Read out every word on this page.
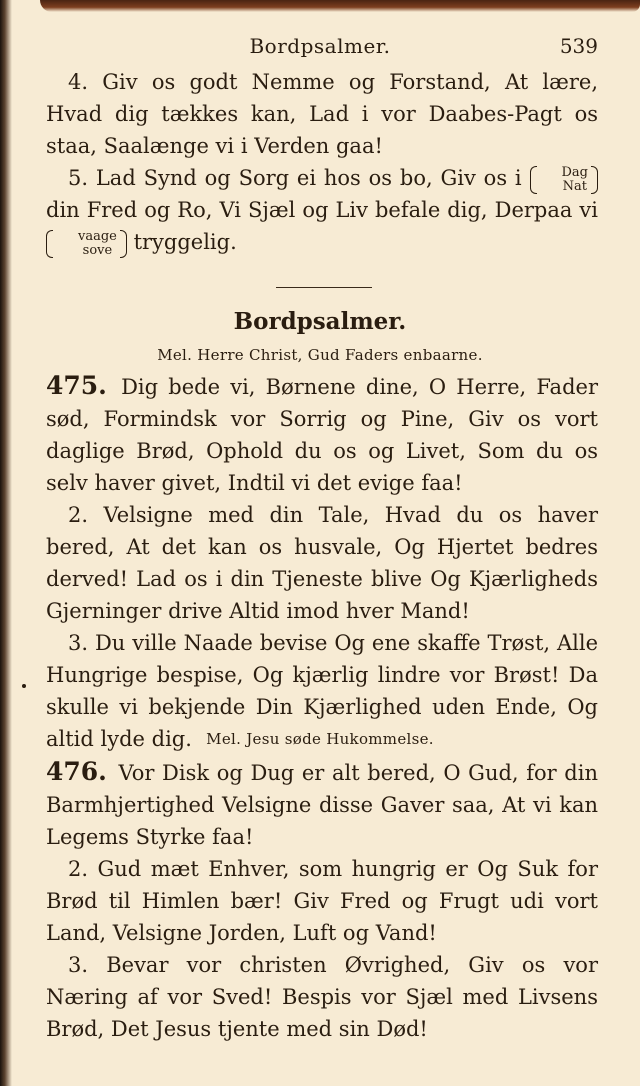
Bordpsalmer.	539

4. Giv os godt Nemme og Forstand, At lære, Hvad dig tækkes kan, Lad i vor Daabes-Pagt os staa, Saalænge vi i Verden gaa!

5. Lad Synd og Sorg ei hos os bo, Giv os i	Dag
Nat
din Fred og Ro, Vi Sjæl og Liv befale dig, Derpaa vi
vaage
sove tryggelig.

Bordpsalmer.
Mel. Herre Christ, Gud Faders enbaarne.

475. Dig bede vi, Børnene dine, O Herre, Fader sød, Formindsk vor Sorrig og Pine, Giv os vort daglige Brød, Ophold du os og Livet, Som du os selv haver givet, Indtil vi det evige faa!

2. Velsigne med din Tale, Hvad du os haver bered, At det kan os husvale, Og Hjertet bedres derved! Lad os i din Tjeneste blive Og Kjærligheds Gjerninger drive Altid imod hver Mand!

3. Du ville Naade bevise Og ene skaffe Trøst, Alle Hungrige bespise, Og kjærlig lindre vor Brøst! Da skulle vi bekjende Din Kjærlighed uden Ende, Og altid lyde dig. Mel. Jesu søde Hukommelse.

476. Vor Disk og Dug er alt bered, O Gud, for din Barmhjertighed Velsigne disse Gaver saa, At vi kan Legems Styrke faa!

2. Gud mæt Enhver, som hungrig er Og Suk for Brød til Himlen bær! Giv Fred og Frugt udi vort Land, Velsigne Jorden, Luft og Vand!

3. Bevar vor christen Øvrighed, Giv os vor Næring af vor Sved! Bespis vor Sjæl med Livsens Brød, Det Jesus tjente med sin Død!
